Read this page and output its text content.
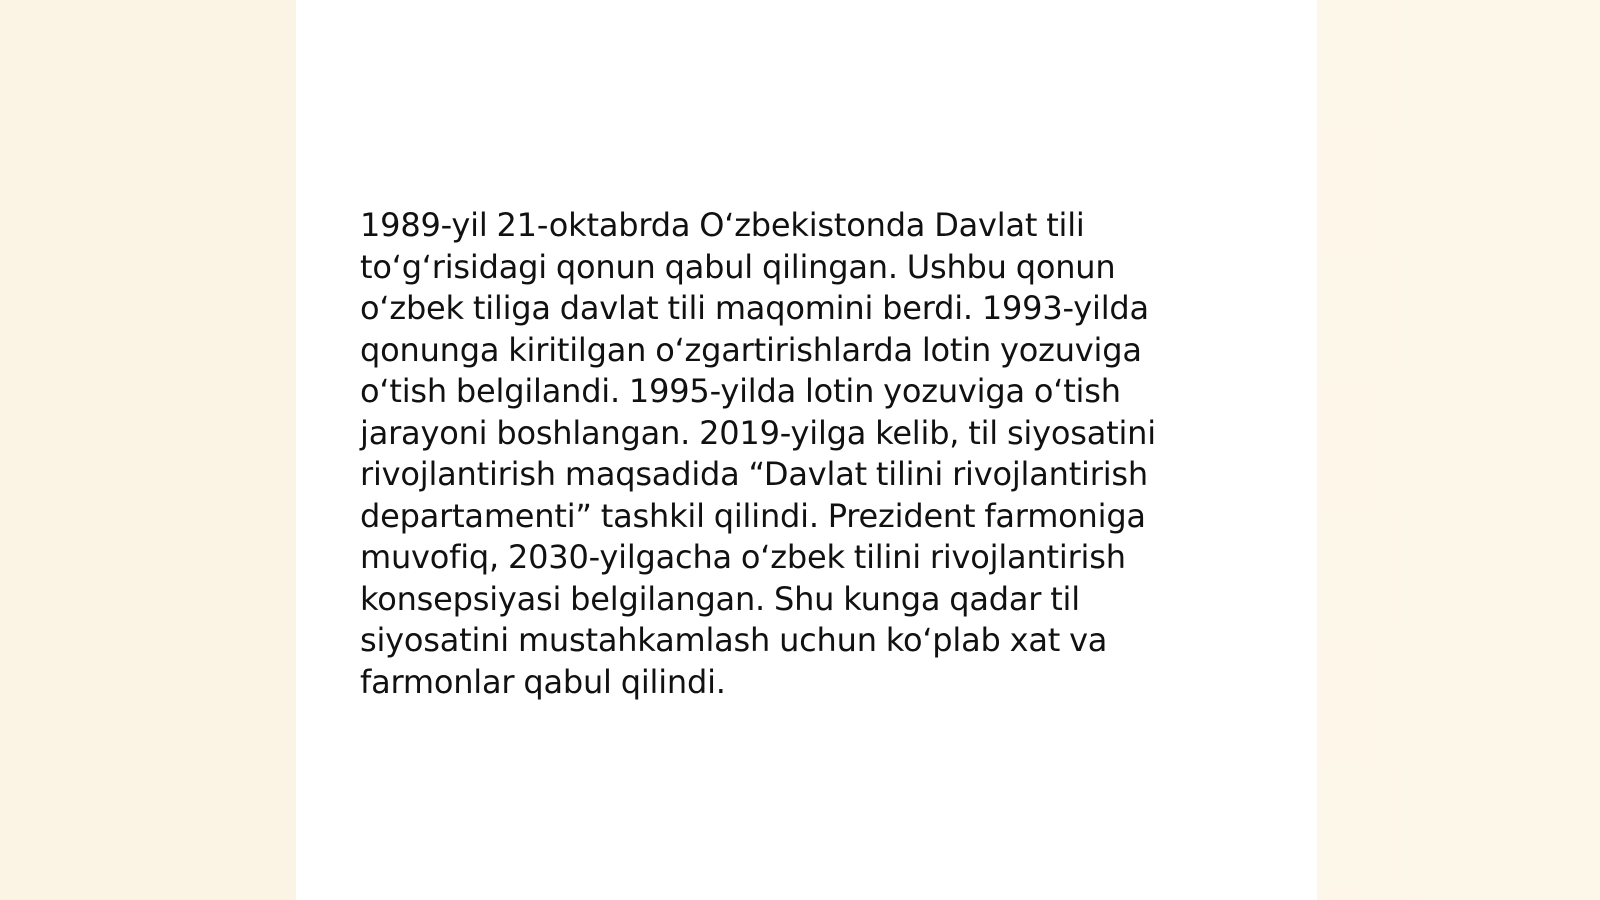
1989-yil 21-oktabrda O‘zbekistonda Davlat tili
to‘g‘risidagi qonun qabul qilingan. Ushbu qonun
o‘zbek tiliga davlat tili maqomini berdi. 1993-yilda
qonunga kiritilgan o‘zgartirishlarda lotin yozuviga
o‘tish belgilandi. 1995-yilda lotin yozuviga o‘tish
jarayoni boshlangan. 2019-yilga kelib, til siyosatini
rivojlantirish maqsadida “Davlat tilini rivojlantirish
departamenti” tashkil qilindi. Prezident farmoniga
muvofiq, 2030-yilgacha o‘zbek tilini rivojlantirish
konsepsiyasi belgilangan. Shu kunga qadar til
siyosatini mustahkamlash uchun ko‘plab xat va
farmonlar qabul qilindi.
